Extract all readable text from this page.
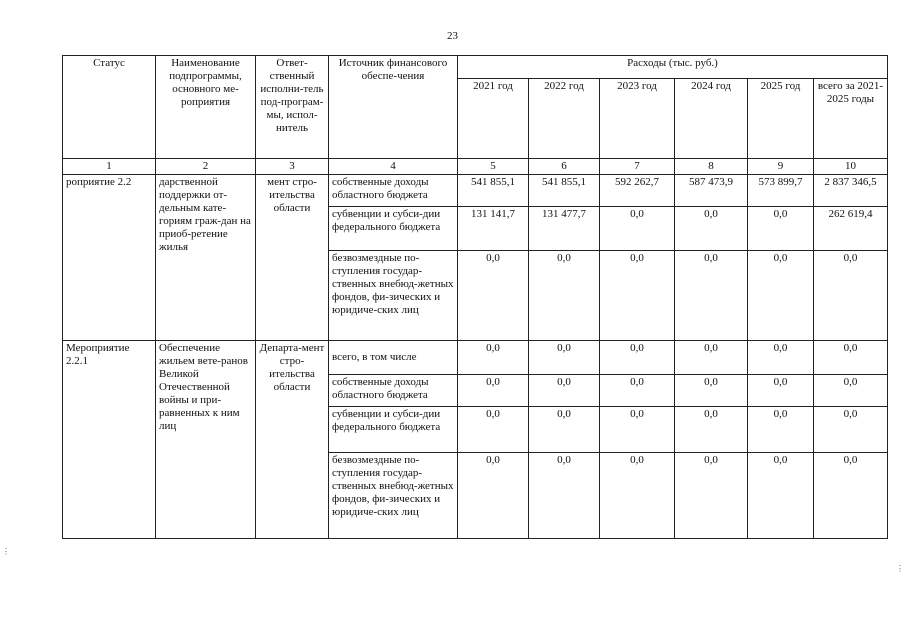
23
Статус	Наименование подпрограммы, основного ме-роприятия	Ответ-ственный исполни-тель под-програм-мы, испол-нитель	Источник финансового обеспе-чения	Расходы (тыс. руб.)					
				2021 год	2022 год	2023 год	2024 год	2025 год	всего за 2021-2025 годы
1	2	3	4	5	6	7	8	9	10
роприятие 2.2	дарственной поддержки от-дельным кате-гориям граж-дан на приоб-ретение жилья	мент стро-ительства области	собственные доходы областного бюджета	541 855,1	541 855,1	592 262,7	587 473,9	573 899,7	2 837 346,5
			субвенции и субси-дии федерального бюджета	131 141,7	131 477,7	0,0	0,0	0,0	262 619,4
			безвозмездные по-ступления государ-ственных внебюд-жетных фондов, фи-зических и юридиче-ских лиц	0,0	0,0	0,0	0,0	0,0	0,0
Мероприятие 2.2.1	Обеспечение жильем вете-ранов Великой Отечественной войны и при-равненных к ним лиц	Департа-мент стро-ительства области	всего, в том числе	0,0	0,0	0,0	0,0	0,0	0,0
			собственные доходы областного бюджета	0,0	0,0	0,0	0,0	0,0	0,0
			субвенции и субси-дии федерального бюджета	0,0	0,0	0,0	0,0	0,0	0,0
			безвозмездные по-ступления государ-ственных внебюд-жетных фондов, фи-зических и юридиче-ских лиц	0,0	0,0	0,0	0,0	0,0	0,0
⋮
⋮
